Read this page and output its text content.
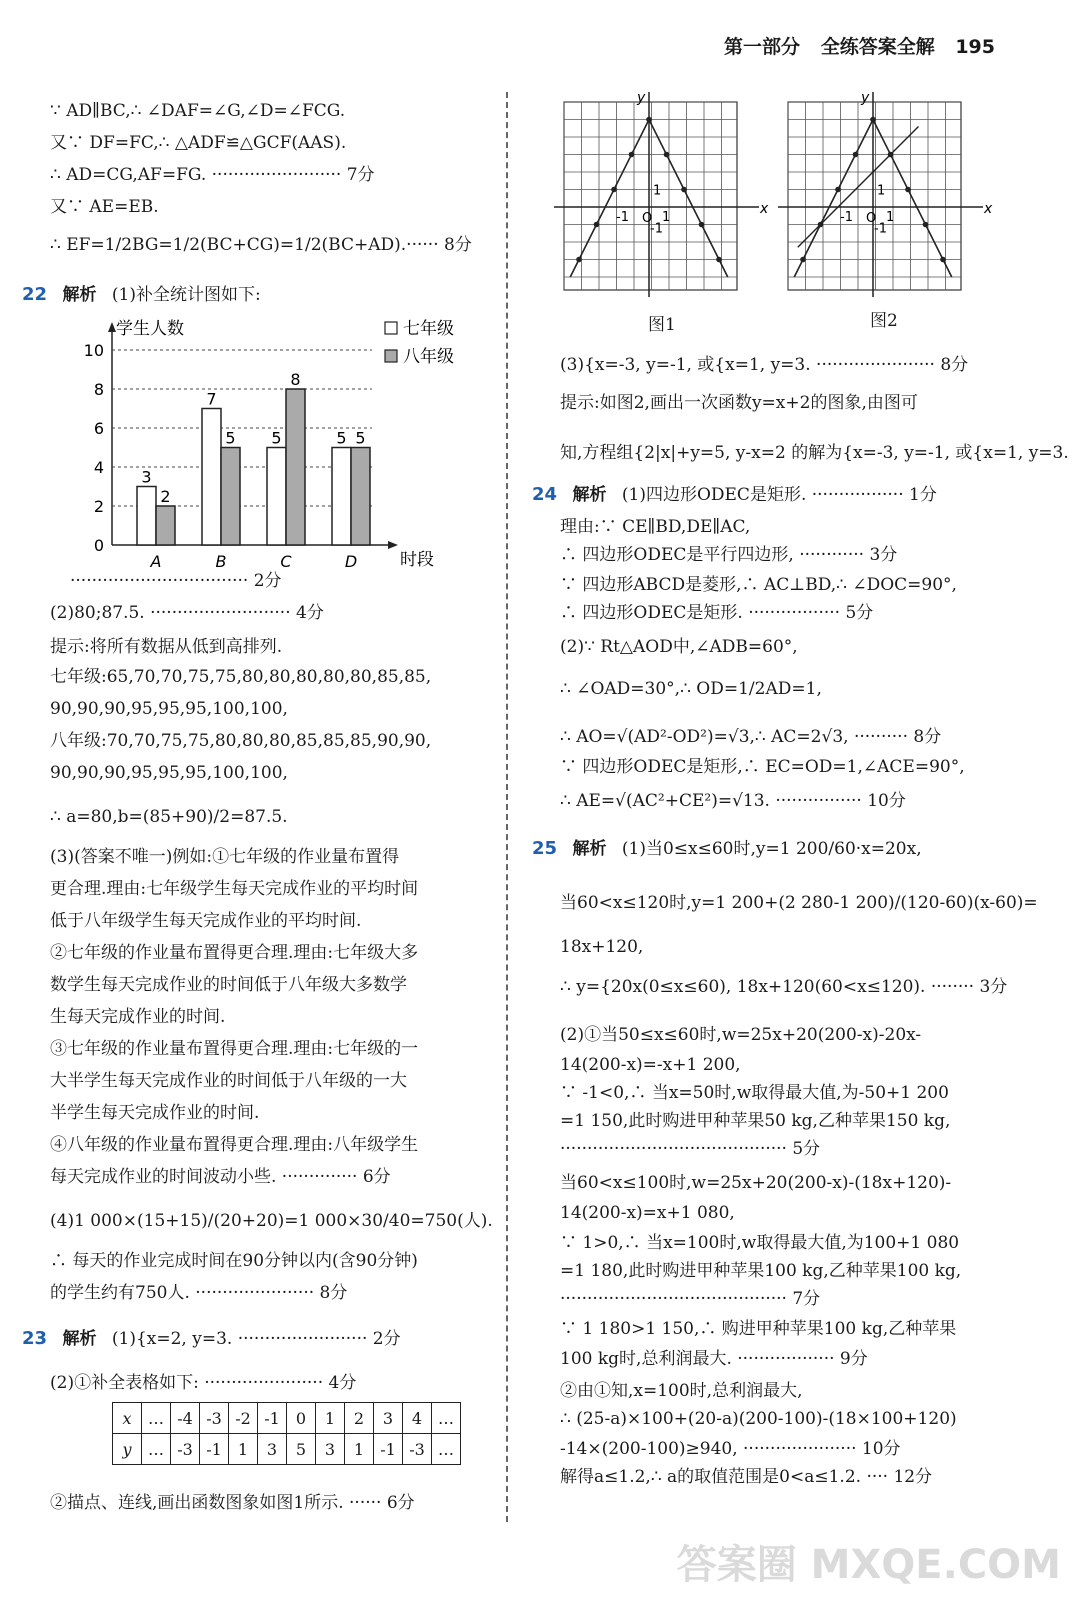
第一部分 全练答案全解 195
∵ AD∥BC,∴ ∠DAF=∠G,∠D=∠FCG.
又∵ DF=FC,∴ △ADF≌△GCF(AAS).
∴ AD=CG,AF=FG. ························ 7分
又∵ AE=EB.
∴ EF=1/2BG=1/2(BC+CG)=1/2(BC+AD).······ 8分
22 解析 (1)补全统计图如下:
学生人数
时段
0
2
4
6
8
10
3
2
A
7
5
B
5
8
C
5 5
D
七年级
八年级
································· 2分
(2)80;87.5. ·························· 4分
提示:将所有数据从低到高排列.
七年级:65,70,70,75,75,80,80,80,80,80,85,85,
90,90,90,95,95,95,100,100,
八年级:70,70,75,75,80,80,80,85,85,85,90,90,
90,90,90,95,95,95,100,100,
∴ a=80,b=(85+90)/2=87.5.
(3)(答案不唯一)例如:①七年级的作业量布置得
更合理.理由:七年级学生每天完成作业的平均时间
低于八年级学生每天完成作业的平均时间.
②七年级的作业量布置得更合理.理由:七年级大多
数学生每天完成作业的时间低于八年级大多数学
生每天完成作业的时间.
③七年级的作业量布置得更合理.理由:七年级的一
大半学生每天完成作业的时间低于八年级的一大
半学生每天完成作业的时间.
④八年级的作业量布置得更合理.理由:八年级学生
每天完成作业的时间波动小些. ·············· 6分
(4)1 000×(15+15)/(20+20)=1 000×30/40=750(人).
∴ 每天的作业完成时间在90分钟以内(含90分钟)
的学生约有750人. ······················ 8分
23 解析 (1){x=2, y=3. ························ 2分
(2)①补全表格如下: ······················ 4分
x	…	-4	-3	-2	-1	0	1	2	3	4	…
y	…	-3	-1	1	3	5	3	1	-1	-3	…
②描点、连线,画出函数图象如图1所示. ······ 6分
x
y
O 1
-1
1
-1
x
y
O 1
-1
1
-1
图1	图2
(3){x=-3, y=-1, 或{x=1, y=3. ······················ 8分
提示:如图2,画出一次函数y=x+2的图象,由图可
知,方程组{2|x|+y=5, y-x=2 的解为{x=-3, y=-1, 或{x=1, y=3.
24 解析 (1)四边形ODEC是矩形. ················· 1分
理由:∵ CE∥BD,DE∥AC,
∴ 四边形ODEC是平行四边形, ············ 3分
∵ 四边形ABCD是菱形,∴ AC⊥BD,∴ ∠DOC=90°,
∴ 四边形ODEC是矩形. ················· 5分
(2)∵ Rt△AOD中,∠ADB=60°,
∴ ∠OAD=30°,∴ OD=1/2AD=1,
∴ AO=√(AD²-OD²)=√3,∴ AC=2√3, ·········· 8分
∵ 四边形ODEC是矩形,∴ EC=OD=1,∠ACE=90°,
∴ AE=√(AC²+CE²)=√13. ················ 10分
25 解析 (1)当0≤x≤60时,y=1 200/60·x=20x,
当60<x≤120时,y=1 200+(2 280-1 200)/(120-60)(x-60)=
18x+120,
∴ y={20x(0≤x≤60), 18x+120(60<x≤120). ········ 3分
(2)①当50≤x≤60时,w=25x+20(200-x)-20x-
14(200-x)=-x+1 200,
∵ -1<0,∴ 当x=50时,w取得最大值,为-50+1 200
=1 150,此时购进甲种苹果50 kg,乙种苹果150 kg,
·········································· 5分
当60<x≤100时,w=25x+20(200-x)-(18x+120)-
14(200-x)=x+1 080,
∵ 1>0,∴ 当x=100时,w取得最大值,为100+1 080
=1 180,此时购进甲种苹果100 kg,乙种苹果100 kg,
·········································· 7分
∵ 1 180>1 150,∴ 购进甲种苹果100 kg,乙种苹果
100 kg时,总利润最大. ·················· 9分
②由①知,x=100时,总利润最大,
∴ (25-a)×100+(20-a)(200-100)-(18×100+120)
-14×(200-100)≥940, ····················· 10分
解得a≤1.2,∴ a的取值范围是0<a≤1.2. ···· 12分
答案圈 MXQE.COM
